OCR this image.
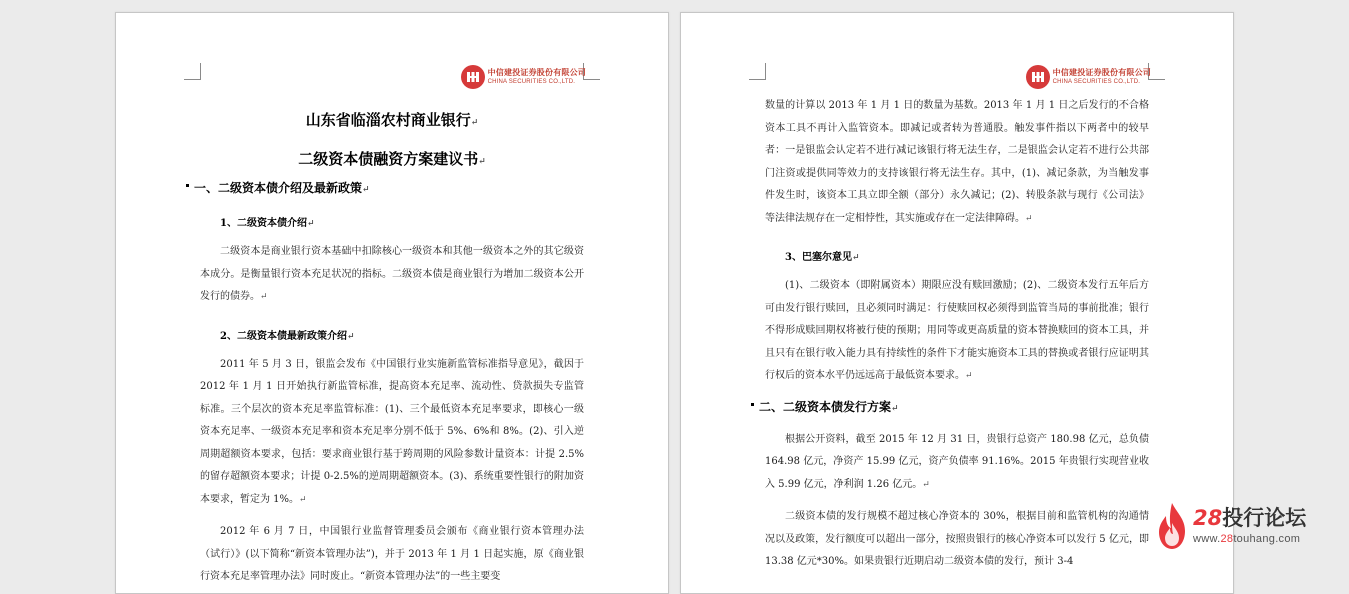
中信建投证券股份有限公司
CHINA SECURITIES CO.,LTD.

山东省临淄农村商业银行↵

二级资本债融资方案建议书↵

一、二级资本债介绍及最新政策↵

1、二级资本债介绍↵

二级资本是商业银行资本基础中扣除核心一级资本和其他一级资本之外的其它级资本成分。是衡量银行资本充足状况的指标。二级资本债是商业银行为增加二级资本公开发行的债券。↵

2、二级资本债最新政策介绍↵

2011 年 5 月 3 日，银监会发布《中国银行业实施新监管标准指导意见》，截因于 2012 年 1 月 1 日开始执行新监管标准，提高资本充足率、流动性、贷款损失专监管标准。三个层次的资本充足率监管标准：(1)、三个最低资本充足率要求，即核心一级资本充足率、一级资本充足率和资本充足率分别不低于 5%、6%和 8%。(2)、引入逆周期超额资本要求，包括：要求商业银行基于跨周期的风险参数计量资本：计提 2.5%的留存超额资本要求；计提 0-2.5%的逆周期超额资本。(3)、系统重要性银行的附加资本要求，暂定为 1%。↵

2012 年 6 月 7 日，中国银行业监督管理委员会颁布《商业银行资本管理办法（试行）》(以下简称“新资本管理办法”)，并于 2013 年 1 月 1 日起实施，原《商业银行资本充足率管理办法》同时废止。“新资本管理办法”的一些主要变

中信建投证券股份有限公司
CHINA SECURITIES CO.,LTD.

数量的计算以 2013 年 1 月 1 日的数量为基数。2013 年 1 月 1 日之后发行的不合格资本工具不再计入监管资本。即减记或者转为普通股。触发事件指以下两者中的较早者：一是银监会认定若不进行减记该银行将无法生存，二是银监会认定若不进行公共部门注资或提供同等效力的支持该银行将无法生存。其中，(1)、减记条款，为当触发事件发生时，该资本工具立即全额（部分）永久减记；(2)、转股条款与现行《公司法》等法律法规存在一定相悖性，其实施或存在一定法律障碍。↵

3、巴塞尔意见↵

(1)、二级资本（即附属资本）期限应没有赎回激励；(2)、二级资本发行五年后方可由发行银行赎回，且必须同时满足：行使赎回权必须得到监管当局的事前批准；银行不得形成赎回期权将被行使的预期；用同等或更高质量的资本替换赎回的资本工具，并且只有在银行收入能力具有持续性的条件下才能实施资本工具的替换或者银行应证明其行权后的资本水平仍远远高于最低资本要求。↵

二、二级资本债发行方案↵

根据公开资料，截至 2015 年 12 月 31 日，贵银行总资产 180.98 亿元，总负债 164.98 亿元，净资产 15.99 亿元，资产负债率 91.16%。2015 年贵银行实现营业收入 5.99 亿元，净利润 1.26 亿元。↵

二级资本债的发行规模不超过核心净资本的 30%，根据目前和监管机构的沟通情况以及政策，发行额度可以超出一部分，按照贵银行的核心净资本可以发行 5 亿元，即 13.38 亿元*30%。如果贵银行近期启动二级资本债的发行，预计 3-4

28投行论坛
www.28touhang.com
